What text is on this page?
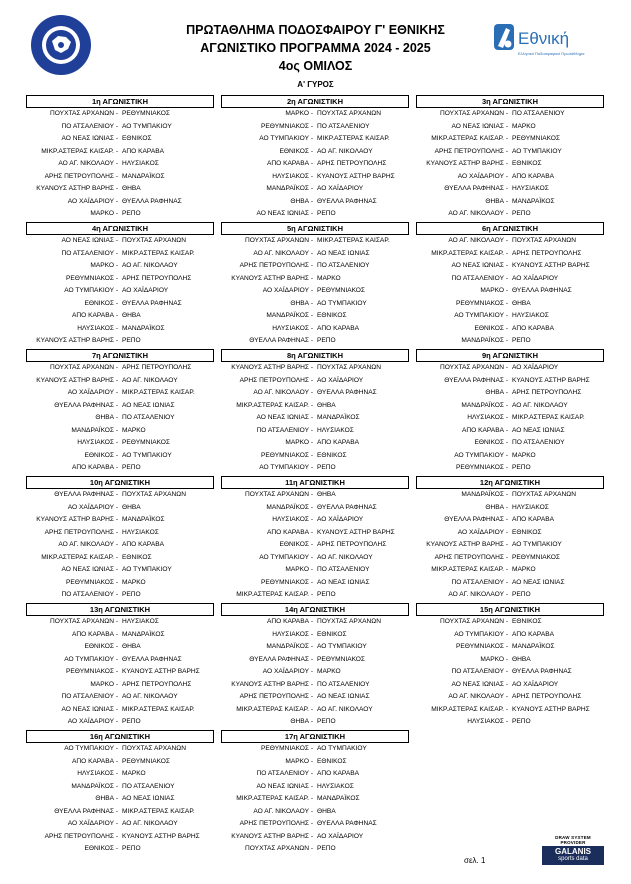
Εθνική
Ελληνικό Ποδοσφαιρικό Πρωτάθλημα
ΠΡΩΤΑΘΛΗΜΑ ΠΟΔΟΣΦΑΙΡΟΥ Γ' ΕΘΝΙΚΗΣ
ΑΓΩΝΙΣΤΙΚΟ ΠΡΟΓΡΑΜΜΑ 2024 - 2025
4ος ΟΜΙΛΟΣ
Α' ΓΥΡΟΣ
1η ΑΓΩΝΙΣΤΙΚΗ
ΠΟΥΧΤΑΣ ΑΡΧΑΝΩΝ - ΡΕΘΥΜΝΙΑΚΟΣ
ΠΟ ΑΤΣΑΛΕΝΙΟΥ - ΑΟ ΤΥΜΠΑΚΙΟΥ
ΑΟ ΝΕΑΣ ΙΩΝΙΑΣ - ΕΘΝΙΚΟΣ
ΜΙΚΡ.ΑΣΤΕΡΑΣ ΚΑΙΣΑΡ. - ΑΠΟ ΚΑΡΑΒΑ
ΑΟ ΑΓ. ΝΙΚΟΛΑΟΥ - ΗΛΥΣΙΑΚΟΣ
ΑΡΗΣ ΠΕΤΡΟΥΠΟΛΗΣ - ΜΑΝΔΡΑΪΚΟΣ
ΚΥΑΝΟΥΣ ΑΣΤΗΡ ΒΑΡΗΣ - ΘΗΒΑ
ΑΟ ΧΑΪΔΑΡΙΟΥ - ΘΥΕΛΛΑ ΡΑΦΗΝΑΣ
ΜΑΡΚΟ - ΡΕΠΟ
2η ΑΓΩΝΙΣΤΙΚΗ
ΜΑΡΚΟ - ΠΟΥΧΤΑΣ ΑΡΧΑΝΩΝ
ΡΕΘΥΜΝΙΑΚΟΣ - ΠΟ ΑΤΣΑΛΕΝΙΟΥ
ΑΟ ΤΥΜΠΑΚΙΟΥ - ΜΙΚΡ.ΑΣΤΕΡΑΣ ΚΑΙΣΑΡ.
ΕΘΝΙΚΟΣ - ΑΟ ΑΓ. ΝΙΚΟΛΑΟΥ
ΑΠΟ ΚΑΡΑΒΑ - ΑΡΗΣ ΠΕΤΡΟΥΠΟΛΗΣ
ΗΛΥΣΙΑΚΟΣ - ΚΥΑΝΟΥΣ ΑΣΤΗΡ ΒΑΡΗΣ
ΜΑΝΔΡΑΪΚΟΣ - ΑΟ ΧΑΪΔΑΡΙΟΥ
ΘΗΒΑ - ΘΥΕΛΛΑ ΡΑΦΗΝΑΣ
ΑΟ ΝΕΑΣ ΙΩΝΙΑΣ - ΡΕΠΟ
3η ΑΓΩΝΙΣΤΙΚΗ
ΠΟΥΧΤΑΣ ΑΡΧΑΝΩΝ - ΠΟ ΑΤΣΑΛΕΝΙΟΥ
ΑΟ ΝΕΑΣ ΙΩΝΙΑΣ - ΜΑΡΚΟ
ΜΙΚΡ.ΑΣΤΕΡΑΣ ΚΑΙΣΑΡ. - ΡΕΘΥΜΝΙΑΚΟΣ
ΑΡΗΣ ΠΕΤΡΟΥΠΟΛΗΣ - ΑΟ ΤΥΜΠΑΚΙΟΥ
ΚΥΑΝΟΥΣ ΑΣΤΗΡ ΒΑΡΗΣ - ΕΘΝΙΚΟΣ
ΑΟ ΧΑΪΔΑΡΙΟΥ - ΑΠΟ ΚΑΡΑΒΑ
ΘΥΕΛΛΑ ΡΑΦΗΝΑΣ - ΗΛΥΣΙΑΚΟΣ
ΘΗΒΑ - ΜΑΝΔΡΑΪΚΟΣ
ΑΟ ΑΓ. ΝΙΚΟΛΑΟΥ - ΡΕΠΟ
4η ΑΓΩΝΙΣΤΙΚΗ
ΑΟ ΝΕΑΣ ΙΩΝΙΑΣ - ΠΟΥΧΤΑΣ ΑΡΧΑΝΩΝ
ΠΟ ΑΤΣΑΛΕΝΙΟΥ - ΜΙΚΡ.ΑΣΤΕΡΑΣ ΚΑΙΣΑΡ.
ΜΑΡΚΟ - ΑΟ ΑΓ. ΝΙΚΟΛΑΟΥ
ΡΕΘΥΜΝΙΑΚΟΣ - ΑΡΗΣ ΠΕΤΡΟΥΠΟΛΗΣ
ΑΟ ΤΥΜΠΑΚΙΟΥ - ΑΟ ΧΑΪΔΑΡΙΟΥ
ΕΘΝΙΚΟΣ - ΘΥΕΛΛΑ ΡΑΦΗΝΑΣ
ΑΠΟ ΚΑΡΑΒΑ - ΘΗΒΑ
ΗΛΥΣΙΑΚΟΣ - ΜΑΝΔΡΑΪΚΟΣ
ΚΥΑΝΟΥΣ ΑΣΤΗΡ ΒΑΡΗΣ - ΡΕΠΟ
5η ΑΓΩΝΙΣΤΙΚΗ
ΠΟΥΧΤΑΣ ΑΡΧΑΝΩΝ - ΜΙΚΡ.ΑΣΤΕΡΑΣ ΚΑΙΣΑΡ.
ΑΟ ΑΓ. ΝΙΚΟΛΑΟΥ - ΑΟ ΝΕΑΣ ΙΩΝΙΑΣ
ΑΡΗΣ ΠΕΤΡΟΥΠΟΛΗΣ - ΠΟ ΑΤΣΑΛΕΝΙΟΥ
ΚΥΑΝΟΥΣ ΑΣΤΗΡ ΒΑΡΗΣ - ΜΑΡΚΟ
ΑΟ ΧΑΪΔΑΡΙΟΥ - ΡΕΘΥΜΝΙΑΚΟΣ
ΘΗΒΑ - ΑΟ ΤΥΜΠΑΚΙΟΥ
ΜΑΝΔΡΑΪΚΟΣ - ΕΘΝΙΚΟΣ
ΗΛΥΣΙΑΚΟΣ - ΑΠΟ ΚΑΡΑΒΑ
ΘΥΕΛΛΑ ΡΑΦΗΝΑΣ - ΡΕΠΟ
6η ΑΓΩΝΙΣΤΙΚΗ
ΑΟ ΑΓ. ΝΙΚΟΛΑΟΥ - ΠΟΥΧΤΑΣ ΑΡΧΑΝΩΝ
ΜΙΚΡ.ΑΣΤΕΡΑΣ ΚΑΙΣΑΡ. - ΑΡΗΣ ΠΕΤΡΟΥΠΟΛΗΣ
ΑΟ ΝΕΑΣ ΙΩΝΙΑΣ - ΚΥΑΝΟΥΣ ΑΣΤΗΡ ΒΑΡΗΣ
ΠΟ ΑΤΣΑΛΕΝΙΟΥ - ΑΟ ΧΑΪΔΑΡΙΟΥ
ΜΑΡΚΟ - ΘΥΕΛΛΑ ΡΑΦΗΝΑΣ
ΡΕΘΥΜΝΙΑΚΟΣ - ΘΗΒΑ
ΑΟ ΤΥΜΠΑΚΙΟΥ - ΗΛΥΣΙΑΚΟΣ
ΕΘΝΙΚΟΣ - ΑΠΟ ΚΑΡΑΒΑ
ΜΑΝΔΡΑΪΚΟΣ - ΡΕΠΟ
7η ΑΓΩΝΙΣΤΙΚΗ
ΠΟΥΧΤΑΣ ΑΡΧΑΝΩΝ - ΑΡΗΣ ΠΕΤΡΟΥΠΟΛΗΣ
ΚΥΑΝΟΥΣ ΑΣΤΗΡ ΒΑΡΗΣ - ΑΟ ΑΓ. ΝΙΚΟΛΑΟΥ
ΑΟ ΧΑΪΔΑΡΙΟΥ - ΜΙΚΡ.ΑΣΤΕΡΑΣ ΚΑΙΣΑΡ.
ΘΥΕΛΛΑ ΡΑΦΗΝΑΣ - ΑΟ ΝΕΑΣ ΙΩΝΙΑΣ
ΘΗΒΑ - ΠΟ ΑΤΣΑΛΕΝΙΟΥ
ΜΑΝΔΡΑΪΚΟΣ - ΜΑΡΚΟ
ΗΛΥΣΙΑΚΟΣ - ΡΕΘΥΜΝΙΑΚΟΣ
ΕΘΝΙΚΟΣ - ΑΟ ΤΥΜΠΑΚΙΟΥ
ΑΠΟ ΚΑΡΑΒΑ - ΡΕΠΟ
8η ΑΓΩΝΙΣΤΙΚΗ
ΚΥΑΝΟΥΣ ΑΣΤΗΡ ΒΑΡΗΣ - ΠΟΥΧΤΑΣ ΑΡΧΑΝΩΝ
ΑΡΗΣ ΠΕΤΡΟΥΠΟΛΗΣ - ΑΟ ΧΑΪΔΑΡΙΟΥ
ΑΟ ΑΓ. ΝΙΚΟΛΑΟΥ - ΘΥΕΛΛΑ ΡΑΦΗΝΑΣ
ΜΙΚΡ.ΑΣΤΕΡΑΣ ΚΑΙΣΑΡ. - ΘΗΒΑ
ΑΟ ΝΕΑΣ ΙΩΝΙΑΣ - ΜΑΝΔΡΑΪΚΟΣ
ΠΟ ΑΤΣΑΛΕΝΙΟΥ - ΗΛΥΣΙΑΚΟΣ
ΜΑΡΚΟ - ΑΠΟ ΚΑΡΑΒΑ
ΡΕΘΥΜΝΙΑΚΟΣ - ΕΘΝΙΚΟΣ
ΑΟ ΤΥΜΠΑΚΙΟΥ - ΡΕΠΟ
9η ΑΓΩΝΙΣΤΙΚΗ
ΠΟΥΧΤΑΣ ΑΡΧΑΝΩΝ - ΑΟ ΧΑΪΔΑΡΙΟΥ
ΘΥΕΛΛΑ ΡΑΦΗΝΑΣ - ΚΥΑΝΟΥΣ ΑΣΤΗΡ ΒΑΡΗΣ
ΘΗΒΑ - ΑΡΗΣ ΠΕΤΡΟΥΠΟΛΗΣ
ΜΑΝΔΡΑΪΚΟΣ - ΑΟ ΑΓ. ΝΙΚΟΛΑΟΥ
ΗΛΥΣΙΑΚΟΣ - ΜΙΚΡ.ΑΣΤΕΡΑΣ ΚΑΙΣΑΡ.
ΑΠΟ ΚΑΡΑΒΑ - ΑΟ ΝΕΑΣ ΙΩΝΙΑΣ
ΕΘΝΙΚΟΣ - ΠΟ ΑΤΣΑΛΕΝΙΟΥ
ΑΟ ΤΥΜΠΑΚΙΟΥ - ΜΑΡΚΟ
ΡΕΘΥΜΝΙΑΚΟΣ - ΡΕΠΟ
10η ΑΓΩΝΙΣΤΙΚΗ
ΘΥΕΛΛΑ ΡΑΦΗΝΑΣ - ΠΟΥΧΤΑΣ ΑΡΧΑΝΩΝ
ΑΟ ΧΑΪΔΑΡΙΟΥ - ΘΗΒΑ
ΚΥΑΝΟΥΣ ΑΣΤΗΡ ΒΑΡΗΣ - ΜΑΝΔΡΑΪΚΟΣ
ΑΡΗΣ ΠΕΤΡΟΥΠΟΛΗΣ - ΗΛΥΣΙΑΚΟΣ
ΑΟ ΑΓ. ΝΙΚΟΛΑΟΥ - ΑΠΟ ΚΑΡΑΒΑ
ΜΙΚΡ.ΑΣΤΕΡΑΣ ΚΑΙΣΑΡ. - ΕΘΝΙΚΟΣ
ΑΟ ΝΕΑΣ ΙΩΝΙΑΣ - ΑΟ ΤΥΜΠΑΚΙΟΥ
ΡΕΘΥΜΝΙΑΚΟΣ - ΜΑΡΚΟ
ΠΟ ΑΤΣΑΛΕΝΙΟΥ - ΡΕΠΟ
11η ΑΓΩΝΙΣΤΙΚΗ
ΠΟΥΧΤΑΣ ΑΡΧΑΝΩΝ - ΘΗΒΑ
ΜΑΝΔΡΑΪΚΟΣ - ΘΥΕΛΛΑ ΡΑΦΗΝΑΣ
ΗΛΥΣΙΑΚΟΣ - ΑΟ ΧΑΪΔΑΡΙΟΥ
ΑΠΟ ΚΑΡΑΒΑ - ΚΥΑΝΟΥΣ ΑΣΤΗΡ ΒΑΡΗΣ
ΕΘΝΙΚΟΣ - ΑΡΗΣ ΠΕΤΡΟΥΠΟΛΗΣ
ΑΟ ΤΥΜΠΑΚΙΟΥ - ΑΟ ΑΓ. ΝΙΚΟΛΑΟΥ
ΜΑΡΚΟ - ΠΟ ΑΤΣΑΛΕΝΙΟΥ
ΡΕΘΥΜΝΙΑΚΟΣ - ΑΟ ΝΕΑΣ ΙΩΝΙΑΣ
ΜΙΚΡ.ΑΣΤΕΡΑΣ ΚΑΙΣΑΡ. - ΡΕΠΟ
12η ΑΓΩΝΙΣΤΙΚΗ
ΜΑΝΔΡΑΪΚΟΣ - ΠΟΥΧΤΑΣ ΑΡΧΑΝΩΝ
ΘΗΒΑ - ΗΛΥΣΙΑΚΟΣ
ΘΥΕΛΛΑ ΡΑΦΗΝΑΣ - ΑΠΟ ΚΑΡΑΒΑ
ΑΟ ΧΑΪΔΑΡΙΟΥ - ΕΘΝΙΚΟΣ
ΚΥΑΝΟΥΣ ΑΣΤΗΡ ΒΑΡΗΣ - ΑΟ ΤΥΜΠΑΚΙΟΥ
ΑΡΗΣ ΠΕΤΡΟΥΠΟΛΗΣ - ΡΕΘΥΜΝΙΑΚΟΣ
ΜΙΚΡ.ΑΣΤΕΡΑΣ ΚΑΙΣΑΡ. - ΜΑΡΚΟ
ΠΟ ΑΤΣΑΛΕΝΙΟΥ - ΑΟ ΝΕΑΣ ΙΩΝΙΑΣ
ΑΟ ΑΓ. ΝΙΚΟΛΑΟΥ - ΡΕΠΟ
13η ΑΓΩΝΙΣΤΙΚΗ
ΠΟΥΧΤΑΣ ΑΡΧΑΝΩΝ - ΗΛΥΣΙΑΚΟΣ
ΑΠΟ ΚΑΡΑΒΑ - ΜΑΝΔΡΑΪΚΟΣ
ΕΘΝΙΚΟΣ - ΘΗΒΑ
ΑΟ ΤΥΜΠΑΚΙΟΥ - ΘΥΕΛΛΑ ΡΑΦΗΝΑΣ
ΡΕΘΥΜΝΙΑΚΟΣ - ΚΥΑΝΟΥΣ ΑΣΤΗΡ ΒΑΡΗΣ
ΜΑΡΚΟ - ΑΡΗΣ ΠΕΤΡΟΥΠΟΛΗΣ
ΠΟ ΑΤΣΑΛΕΝΙΟΥ - ΑΟ ΑΓ. ΝΙΚΟΛΑΟΥ
ΑΟ ΝΕΑΣ ΙΩΝΙΑΣ - ΜΙΚΡ.ΑΣΤΕΡΑΣ ΚΑΙΣΑΡ.
ΑΟ ΧΑΪΔΑΡΙΟΥ - ΡΕΠΟ
14η ΑΓΩΝΙΣΤΙΚΗ
ΑΠΟ ΚΑΡΑΒΑ - ΠΟΥΧΤΑΣ ΑΡΧΑΝΩΝ
ΗΛΥΣΙΑΚΟΣ - ΕΘΝΙΚΟΣ
ΜΑΝΔΡΑΪΚΟΣ - ΑΟ ΤΥΜΠΑΚΙΟΥ
ΘΥΕΛΛΑ ΡΑΦΗΝΑΣ - ΡΕΘΥΜΝΙΑΚΟΣ
ΑΟ ΧΑΪΔΑΡΙΟΥ - ΜΑΡΚΟ
ΚΥΑΝΟΥΣ ΑΣΤΗΡ ΒΑΡΗΣ - ΠΟ ΑΤΣΑΛΕΝΙΟΥ
ΑΡΗΣ ΠΕΤΡΟΥΠΟΛΗΣ - ΑΟ ΝΕΑΣ ΙΩΝΙΑΣ
ΜΙΚΡ.ΑΣΤΕΡΑΣ ΚΑΙΣΑΡ. - ΑΟ ΑΓ. ΝΙΚΟΛΑΟΥ
ΘΗΒΑ - ΡΕΠΟ
15η ΑΓΩΝΙΣΤΙΚΗ
ΠΟΥΧΤΑΣ ΑΡΧΑΝΩΝ - ΕΘΝΙΚΟΣ
ΑΟ ΤΥΜΠΑΚΙΟΥ - ΑΠΟ ΚΑΡΑΒΑ
ΡΕΘΥΜΝΙΑΚΟΣ - ΜΑΝΔΡΑΪΚΟΣ
ΜΑΡΚΟ - ΘΗΒΑ
ΠΟ ΑΤΣΑΛΕΝΙΟΥ - ΘΥΕΛΛΑ ΡΑΦΗΝΑΣ
ΑΟ ΝΕΑΣ ΙΩΝΙΑΣ - ΑΟ ΧΑΪΔΑΡΙΟΥ
ΑΟ ΑΓ. ΝΙΚΟΛΑΟΥ - ΑΡΗΣ ΠΕΤΡΟΥΠΟΛΗΣ
ΜΙΚΡ.ΑΣΤΕΡΑΣ ΚΑΙΣΑΡ. - ΚΥΑΝΟΥΣ ΑΣΤΗΡ ΒΑΡΗΣ
ΗΛΥΣΙΑΚΟΣ - ΡΕΠΟ
16η ΑΓΩΝΙΣΤΙΚΗ
ΑΟ ΤΥΜΠΑΚΙΟΥ - ΠΟΥΧΤΑΣ ΑΡΧΑΝΩΝ
ΑΠΟ ΚΑΡΑΒΑ - ΡΕΘΥΜΝΙΑΚΟΣ
ΗΛΥΣΙΑΚΟΣ - ΜΑΡΚΟ
ΜΑΝΔΡΑΪΚΟΣ - ΠΟ ΑΤΣΑΛΕΝΙΟΥ
ΘΗΒΑ - ΑΟ ΝΕΑΣ ΙΩΝΙΑΣ
ΘΥΕΛΛΑ ΡΑΦΗΝΑΣ - ΜΙΚΡ.ΑΣΤΕΡΑΣ ΚΑΙΣΑΡ.
ΑΟ ΧΑΪΔΑΡΙΟΥ - ΑΟ ΑΓ. ΝΙΚΟΛΑΟΥ
ΑΡΗΣ ΠΕΤΡΟΥΠΟΛΗΣ - ΚΥΑΝΟΥΣ ΑΣΤΗΡ ΒΑΡΗΣ
ΕΘΝΙΚΟΣ - ΡΕΠΟ
17η ΑΓΩΝΙΣΤΙΚΗ
ΡΕΘΥΜΝΙΑΚΟΣ - ΑΟ ΤΥΜΠΑΚΙΟΥ
ΜΑΡΚΟ - ΕΘΝΙΚΟΣ
ΠΟ ΑΤΣΑΛΕΝΙΟΥ - ΑΠΟ ΚΑΡΑΒΑ
ΑΟ ΝΕΑΣ ΙΩΝΙΑΣ - ΗΛΥΣΙΑΚΟΣ
ΜΙΚΡ.ΑΣΤΕΡΑΣ ΚΑΙΣΑΡ. - ΜΑΝΔΡΑΪΚΟΣ
ΑΟ ΑΓ. ΝΙΚΟΛΑΟΥ - ΘΗΒΑ
ΑΡΗΣ ΠΕΤΡΟΥΠΟΛΗΣ - ΘΥΕΛΛΑ ΡΑΦΗΝΑΣ
ΚΥΑΝΟΥΣ ΑΣΤΗΡ ΒΑΡΗΣ - ΑΟ ΧΑΪΔΑΡΙΟΥ
ΠΟΥΧΤΑΣ ΑΡΧΑΝΩΝ - ΡΕΠΟ
DRAW SYSTEM PROVIDER
GALANIS
sports data
σελ. 1
